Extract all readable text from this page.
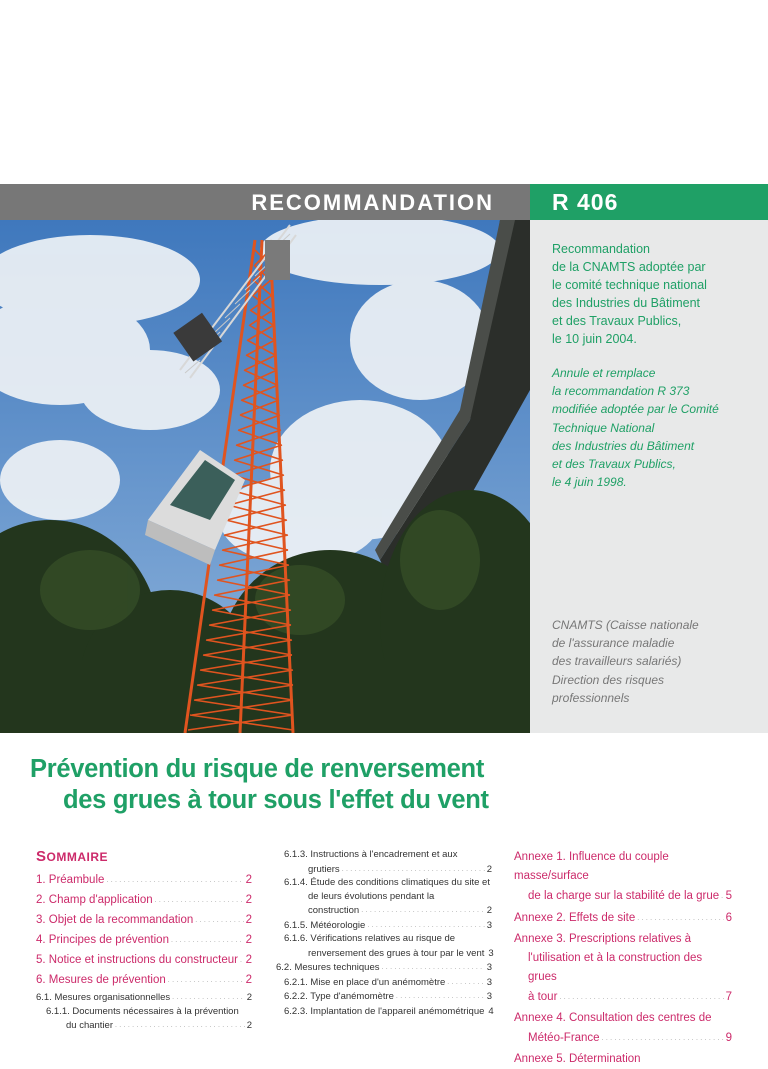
RECOMMANDATION	R 406
Recommandation
de la CNAMTS adoptée par
le comité technique national
des Industries du Bâtiment
et des Travaux Publics,
le 10 juin 2004.
Annule et remplace
la recommandation R 373
modifiée adoptée par le Comité
Technique National
des Industries du Bâtiment
et des Travaux Publics,
le 4 juin 1998.
CNAMTS (Caisse nationale
de l'assurance maladie
des travailleurs salariés)
Direction des risques
professionnels
Prévention du risque de renversement
des grues à tour sous l'effet du vent
SOMMAIRE
1. Préambule . . .	2
2. Champ d'application . . .	2
3. Objet de la recommandation . . .	2
4. Principes de prévention . . .	2
5. Notice et instructions du constructeur . . . 2
6. Mesures de prévention . . .	2
6.1. Mesures organisationnelles . . .	2
6.1.1. Documents nécessaires à la prévention
du chantier . . .	2
6.1.3. Instructions à l'encadrement et aux
grutiers . . .	2
6.1.4. Étude des conditions climatiques du site et
de leurs évolutions pendant la
construction . . .	2
6.1.5. Météorologie . . .	3
6.1.6. Vérifications relatives au risque de
renversement des grues à tour par le vent 3
6.2. Mesures techniques . . .	3
6.2.1. Mise en place d'un anémomètre . . .	3
6.2.2. Type d'anémomètre . . .	3
6.2.3. Implantation de l'appareil anémométrique 4
Annexe 1. Influence du couple masse/surface
de la charge sur la stabilité de la grue . . . 5
Annexe 2. Effets de site . . .	6
Annexe 3. Prescriptions relatives à
l'utilisation et à la construction des grues
à tour . . .	7
Annexe 4. Consultation des centres de
Météo-France . . .	9
Annexe 5. Détermination
